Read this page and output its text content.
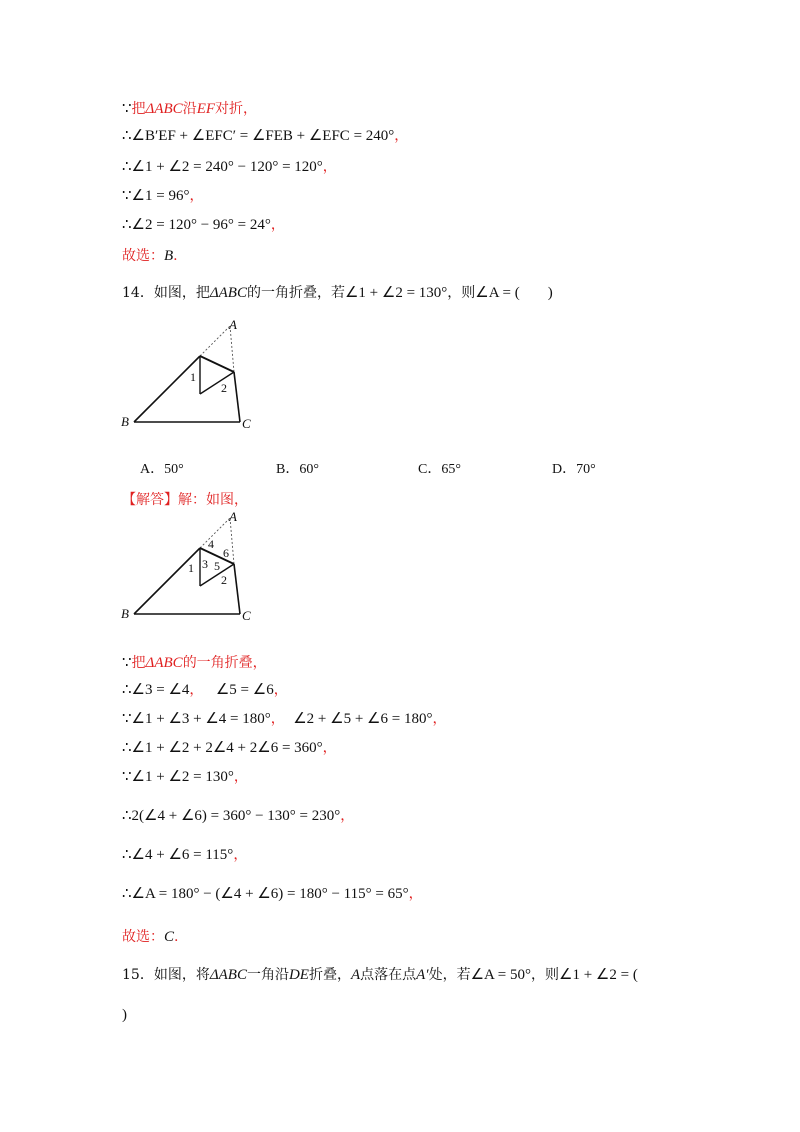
∵把ΔABC沿EF对折，
∴∠B′EF + ∠EFC′ = ∠FEB + ∠EFC = 240°，
∴∠1 + ∠2 = 240° − 120° = 120°，
∵∠1 = 96°，
∴∠2 = 120° − 96° = 24°，
故选：B.
14．如图，把ΔABC的一角折叠，若∠1 + ∠2 = 130°，则∠A = ( )
A
B	C
1
2
A．50°	B．60°	C．65°	D．70°
【解答】解：如图，
A
B	C
1
2
3
4
5
6
∵把ΔABC的一角折叠，
∴∠3 = ∠4， ∠5 = ∠6，
∵∠1 + ∠3 + ∠4 = 180°， ∠2 + ∠5 + ∠6 = 180°，
∴∠1 + ∠2 + 2∠4 + 2∠6 = 360°，
∵∠1 + ∠2 = 130°，
∴2(∠4 + ∠6) = 360° − 130° = 230°，
∴∠4 + ∠6 = 115°，
∴∠A = 180° − (∠4 + ∠6) = 180° − 115° = 65°，
故选：C.
15．如图，将ΔABC一角沿DE折叠，A点落在点A′处，若∠A = 50°，则∠1 + ∠2 = (
)
